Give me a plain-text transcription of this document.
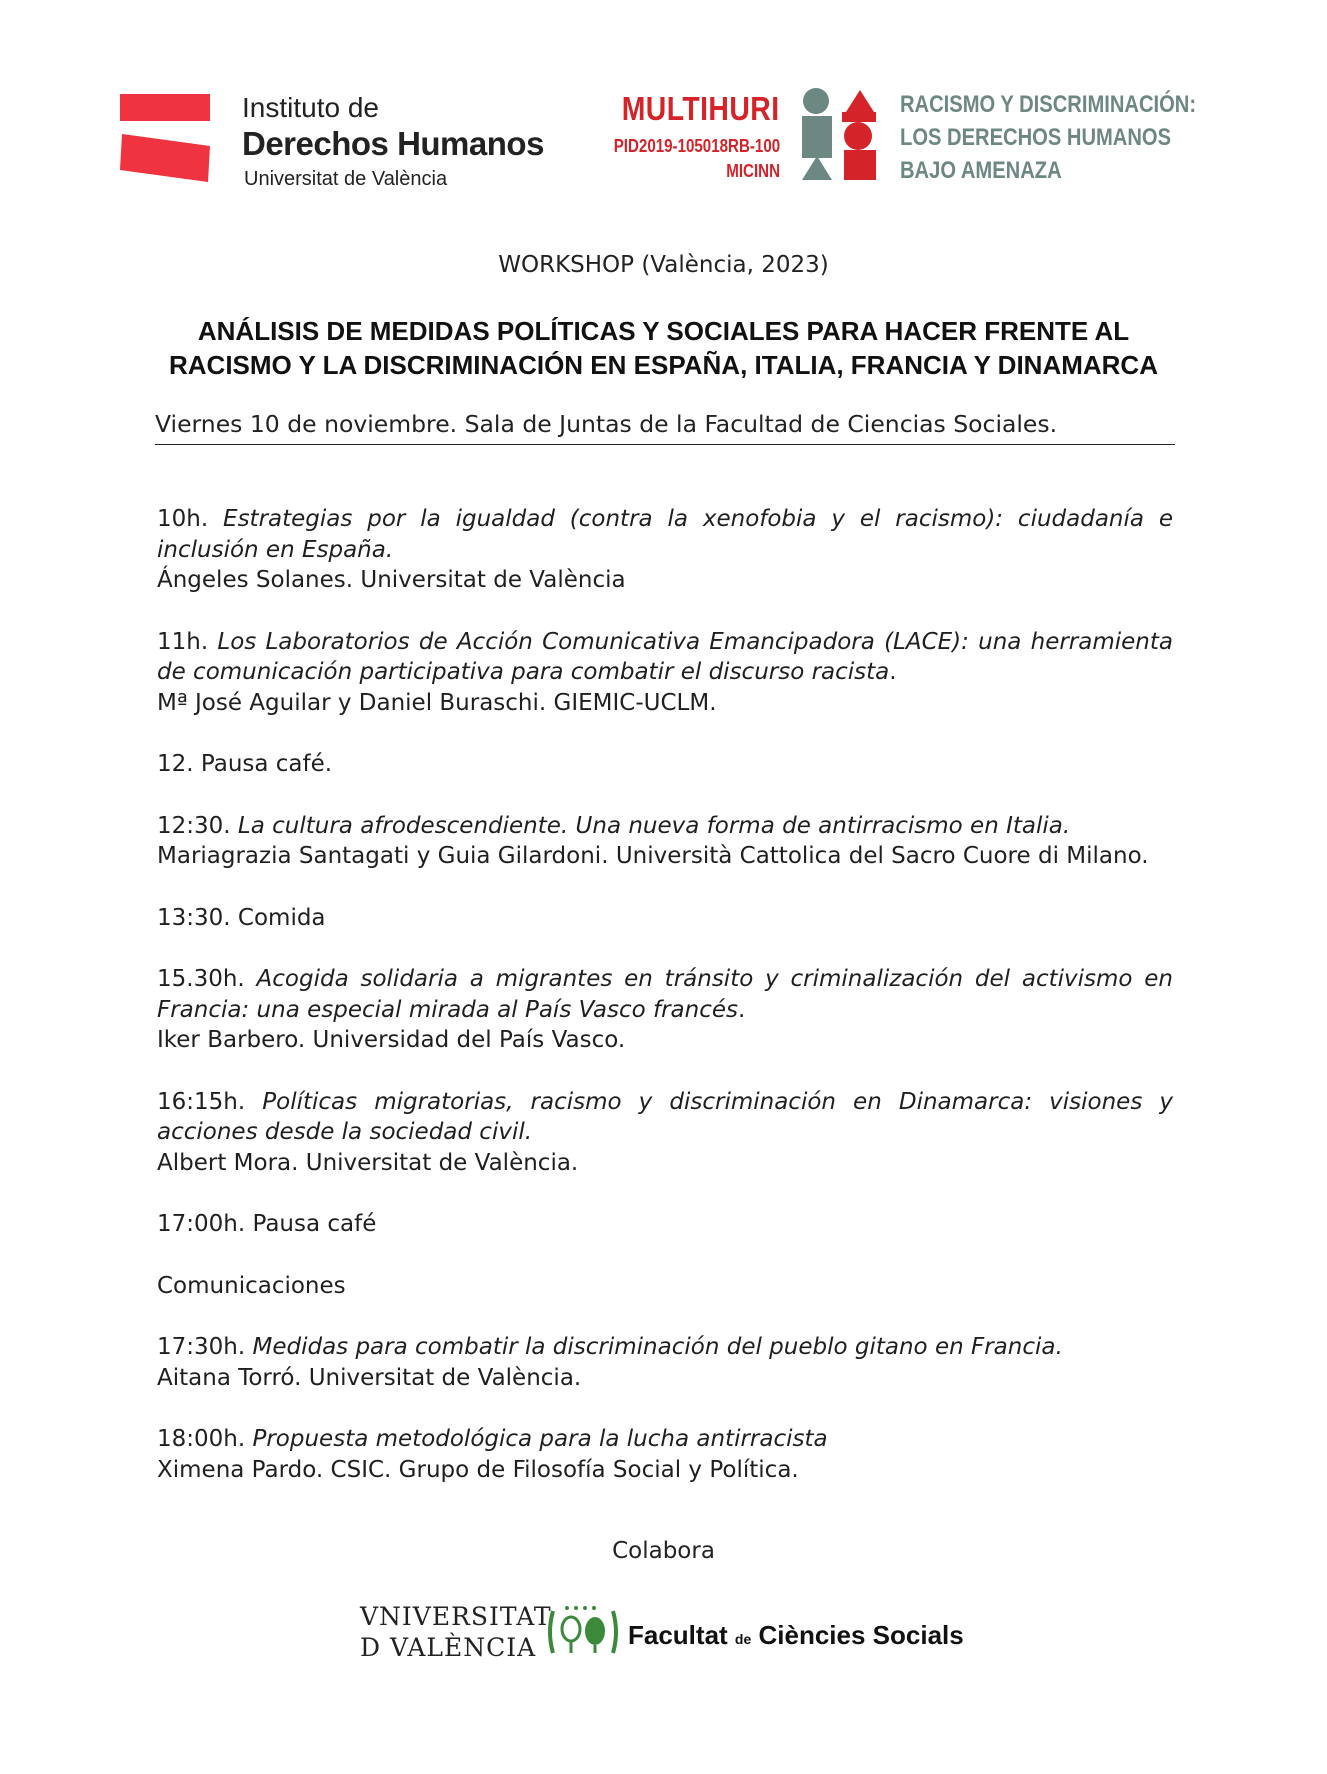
Instituto de
Derechos Humanos
Universitat de València
MULTIHURI
PID2019-105018RB-100
MICINN
RACISMO Y DISCRIMINACIÓN:
LOS DERECHOS HUMANOS
BAJO AMENAZA
WORKSHOP (València, 2023)
ANÁLISIS DE MEDIDAS POLÍTICAS Y SOCIALES PARA HACER FRENTE AL
RACISMO Y LA DISCRIMINACIÓN EN ESPAÑA, ITALIA, FRANCIA Y DINAMARCA
Viernes 10 de noviembre. Sala de Juntas de la Facultad de Ciencias Sociales.
10h. Estrategias por la igualdad (contra la xenofobia y el racismo): ciudadanía e inclusión en España.
Ángeles Solanes. Universitat de València
11h. Los Laboratorios de Acción Comunicativa Emancipadora (LACE): una herramienta de comunicación participativa para combatir el discurso racista.
Mª José Aguilar y Daniel Buraschi. GIEMIC-UCLM.
12. Pausa café.
12:30. La cultura afrodescendiente. Una nueva forma de antirracismo en Italia.
Mariagrazia Santagati y Guia Gilardoni. Università Cattolica del Sacro Cuore di Milano.
13:30. Comida
15.30h. Acogida solidaria a migrantes en tránsito y criminalización del activismo en Francia: una especial mirada al País Vasco francés.
Iker Barbero. Universidad del País Vasco.
16:15h. Políticas migratorias, racismo y discriminación en Dinamarca: visiones y acciones desde la sociedad civil.
Albert Mora. Universitat de València.
17:00h. Pausa café
Comunicaciones
17:30h. Medidas para combatir la discriminación del pueblo gitano en Francia.
Aitana Torró. Universitat de València.
18:00h. Propuesta metodológica para la lucha antirracista
Ximena Pardo. CSIC. Grupo de Filosofía Social y Política.
Colabora
VNIVERSITAT
D VALÈNCIA	Facultat de Ciències Socials
